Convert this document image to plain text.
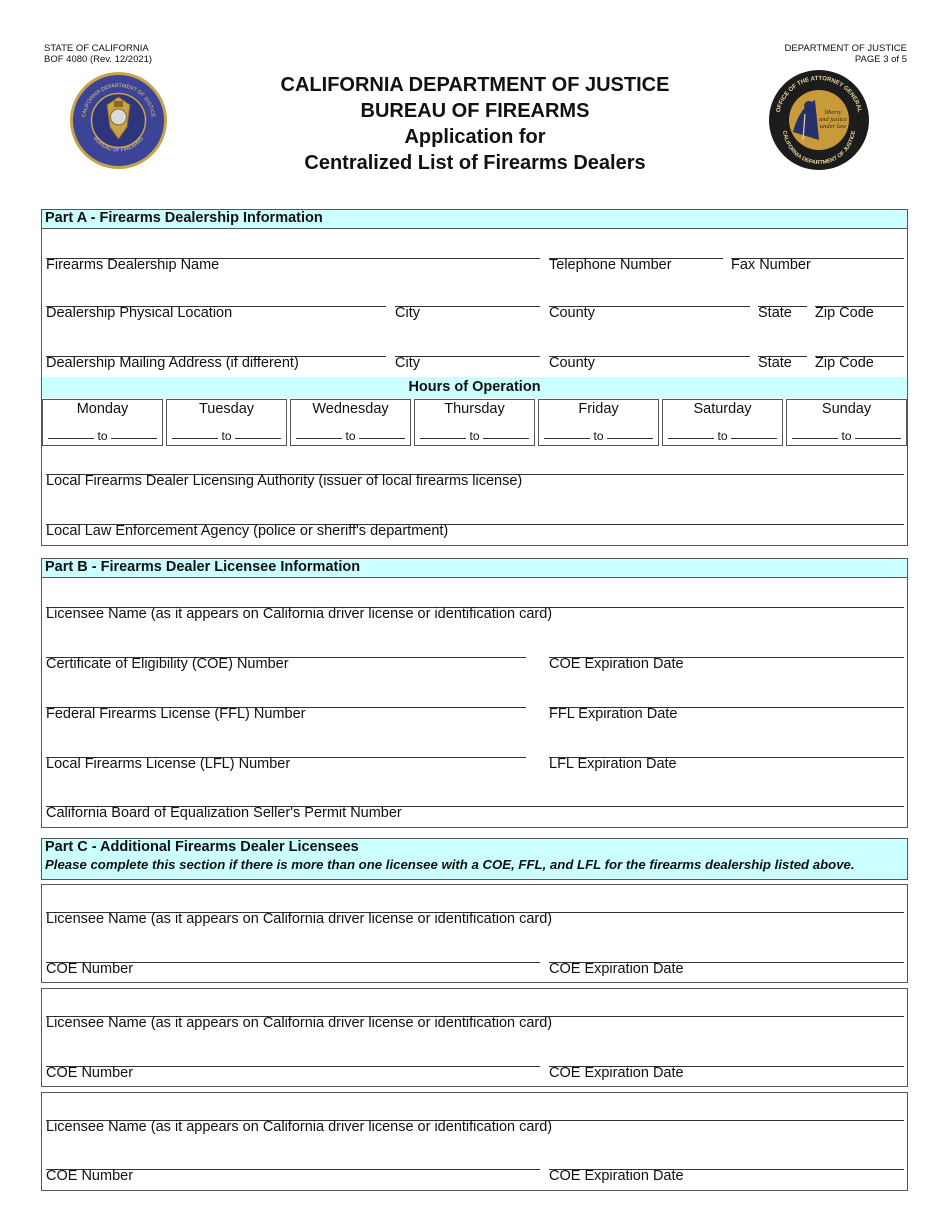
STATE OF CALIFORNIA
BOF 4080 (Rev. 12/2021)
DEPARTMENT OF JUSTICE
PAGE 3 of 5
CALIFORNIA DEPARTMENT OF JUSTICE
BUREAU OF FIREARMS
CALIFORNIA DEPARTMENT OF JUSTICE
BUREAU OF FIREARMS
Application for
Centralized List of Firearms Dealers
OFFICE OF THE ATTORNEY GENERAL
CALIFORNIA DEPARTMENT OF JUSTICE
liberty
and justice
under law
Part A - Firearms Dealership Information
Firearms Dealership Name	Telephone Number	Fax Number
Dealership Physical Location	City	County	State Zip Code
Dealership Mailing Address (if different)	City	County	State Zip Code
Hours of Operation
Monday
to
Tuesday
to
Wednesday
to
Thursday
to
Friday
to
Saturday
to
Sunday
to
Local Firearms Dealer Licensing Authority (issuer of local firearms license)
Local Law Enforcement Agency (police or sheriff's department)
Part B - Firearms Dealer Licensee Information
Licensee Name (as it appears on California driver license or identification card)
Certificate of Eligibility (COE) Number	COE Expiration Date
Federal Firearms License (FFL) Number	FFL Expiration Date
Local Firearms License (LFL) Number	LFL Expiration Date
California Board of Equalization Seller's Permit Number
Part C - Additional Firearms Dealer Licensees
Please complete this section if there is more than one licensee with a COE, FFL, and LFL for the firearms dealership listed above.
Licensee Name (as it appears on California driver license or identification card)
COE Number	COE Expiration Date
Licensee Name (as it appears on California driver license or identification card)
COE Number	COE Expiration Date
Licensee Name (as it appears on California driver license or identification card)
COE Number	COE Expiration Date
